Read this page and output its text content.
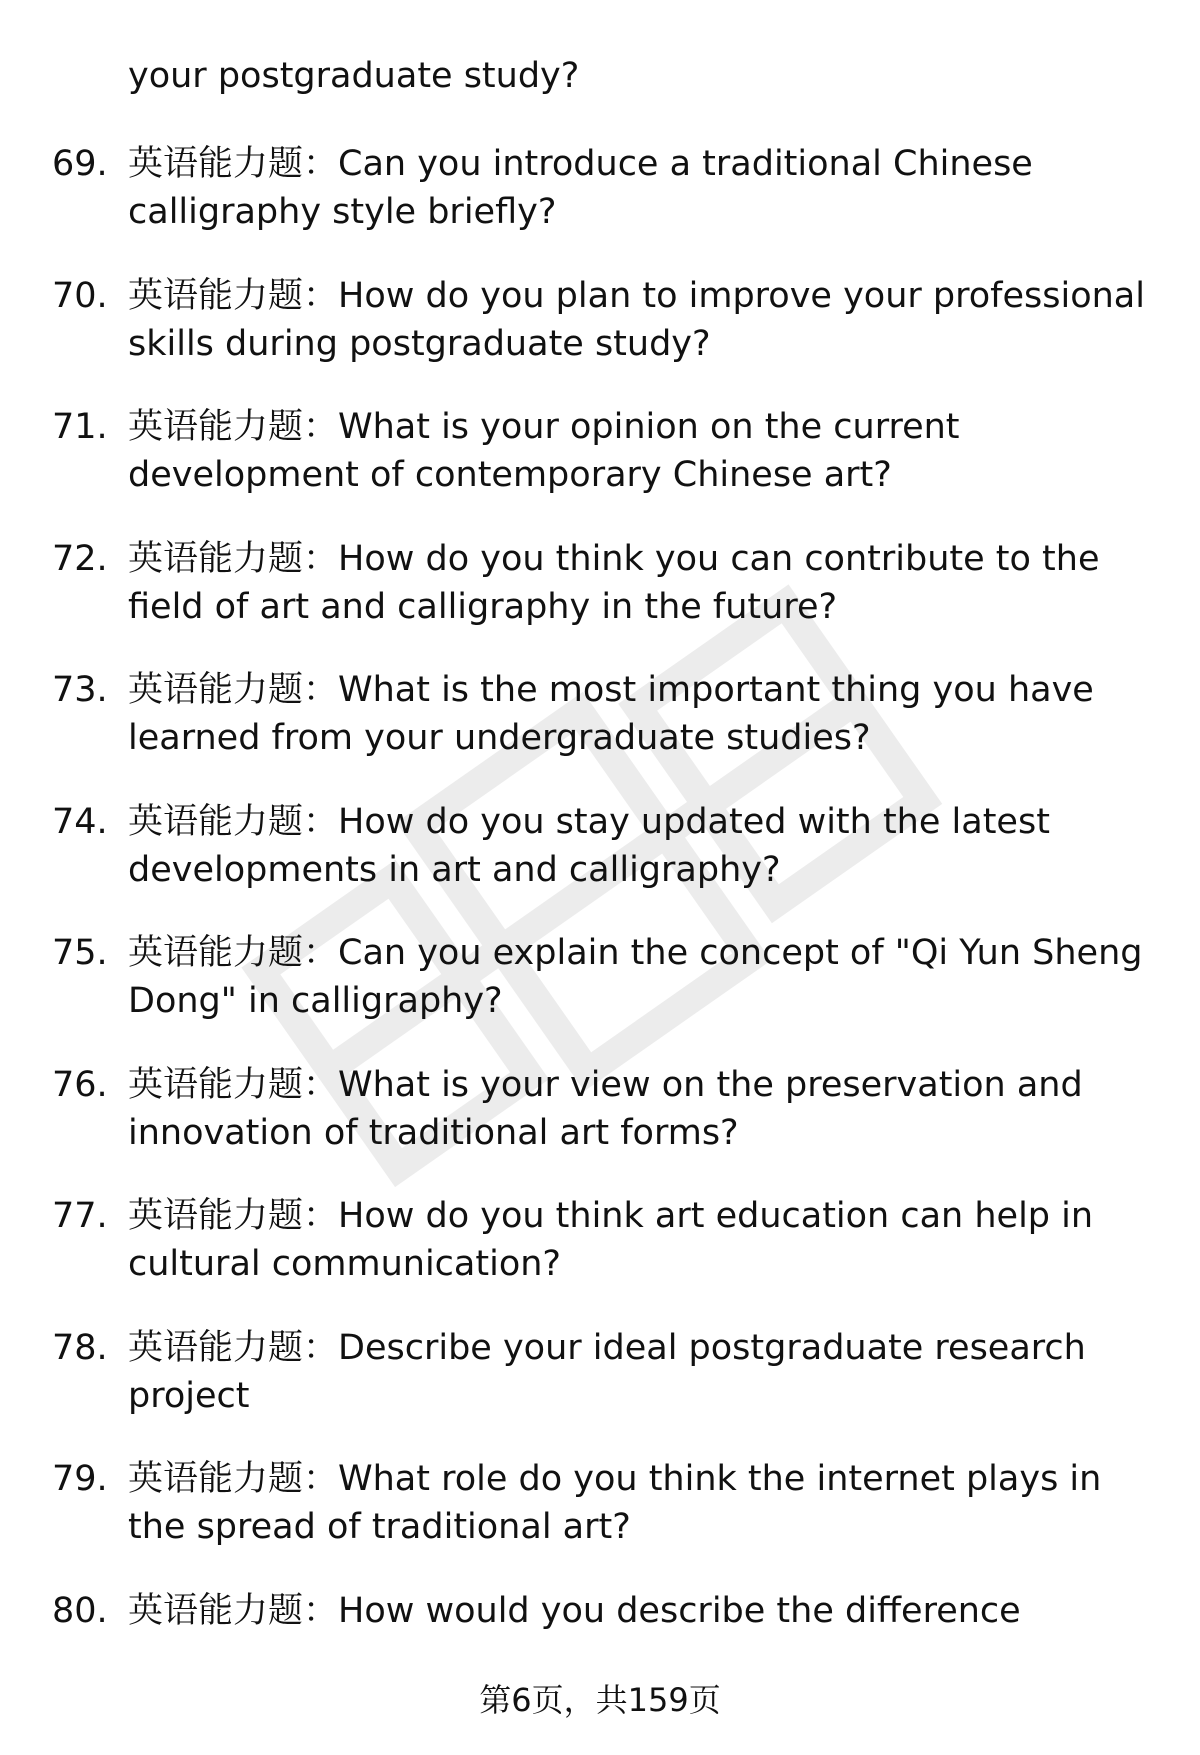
your postgraduate study?
69. 英语能力题：Can you introduce a traditional Chinese
calligraphy style briefly?
70. 英语能力题：How do you plan to improve your professional
skills during postgraduate study?
71. 英语能力题：What is your opinion on the current
development of contemporary Chinese art?
72. 英语能力题：How do you think you can contribute to the
field of art and calligraphy in the future?
73. 英语能力题：What is the most important thing you have
learned from your undergraduate studies?
74. 英语能力题：How do you stay updated with the latest
developments in art and calligraphy?
75. 英语能力题：Can you explain the concept of "Qi Yun Sheng
Dong" in calligraphy?
76. 英语能力题：What is your view on the preservation and
innovation of traditional art forms?
77. 英语能力题：How do you think art education can help in
cultural communication?
78. 英语能力题：Describe your ideal postgraduate research
project
79. 英语能力题：What role do you think the internet plays in
the spread of traditional art?
80. 英语能力题：How would you describe the difference
第6页，共159页
